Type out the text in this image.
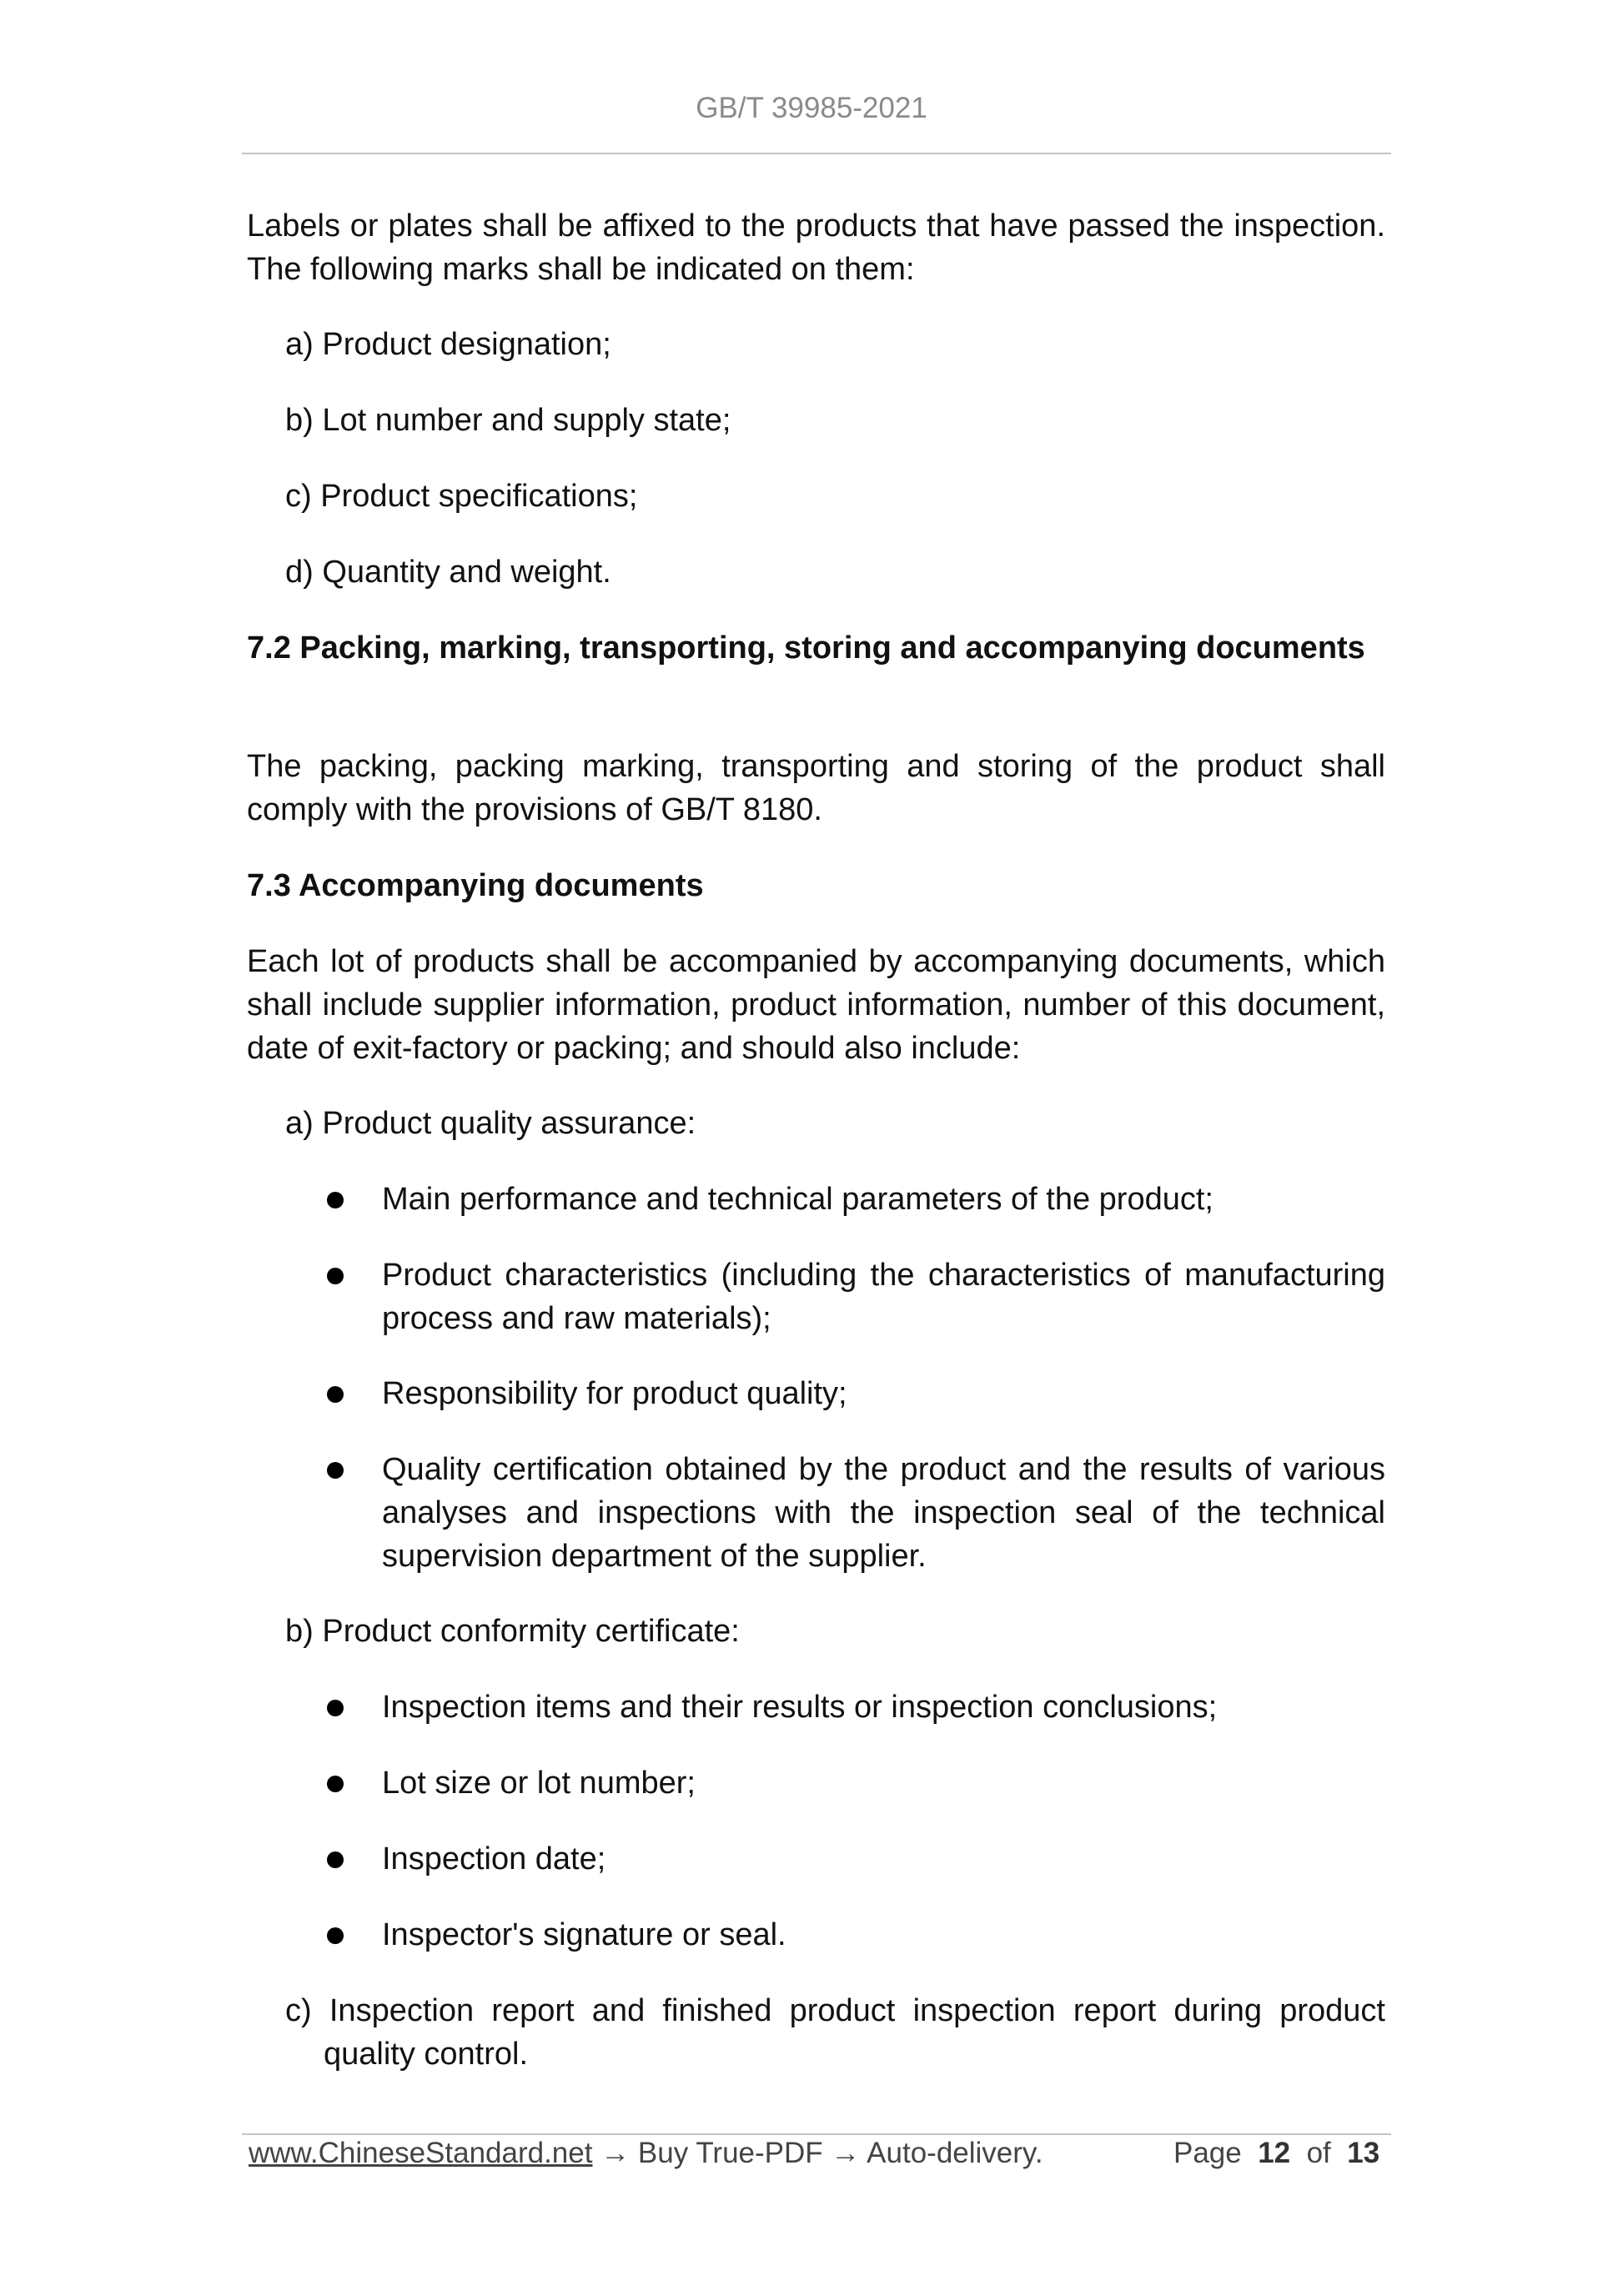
GB/T 39985-2021
Labels or plates shall be affixed to the products that have passed the inspection. The following marks shall be indicated on them:
a) Product designation;
b) Lot number and supply state;
c) Product specifications;
d) Quantity and weight.
7.2 Packing, marking, transporting, storing and accompanying documents
The packing, packing marking, transporting and storing of the product shall comply with the provisions of GB/T 8180.
7.3 Accompanying documents
Each lot of products shall be accompanied by accompanying documents, which shall include supplier information, product information, number of this document, date of exit-factory or packing; and should also include:
a) Product quality assurance:
Main performance and technical parameters of the product;
Product characteristics (including the characteristics of manufacturing process and raw materials);
Responsibility for product quality;
Quality certification obtained by the product and the results of various analyses and inspections with the inspection seal of the technical supervision department of the supplier.
b) Product conformity certificate:
Inspection items and their results or inspection conclusions;
Lot size or lot number;
Inspection date;
Inspector's signature or seal.
c) Inspection report and finished product inspection report during product quality control.
www.ChineseStandard.net → Buy True-PDF → Auto-delivery.	Page 12 of 13
